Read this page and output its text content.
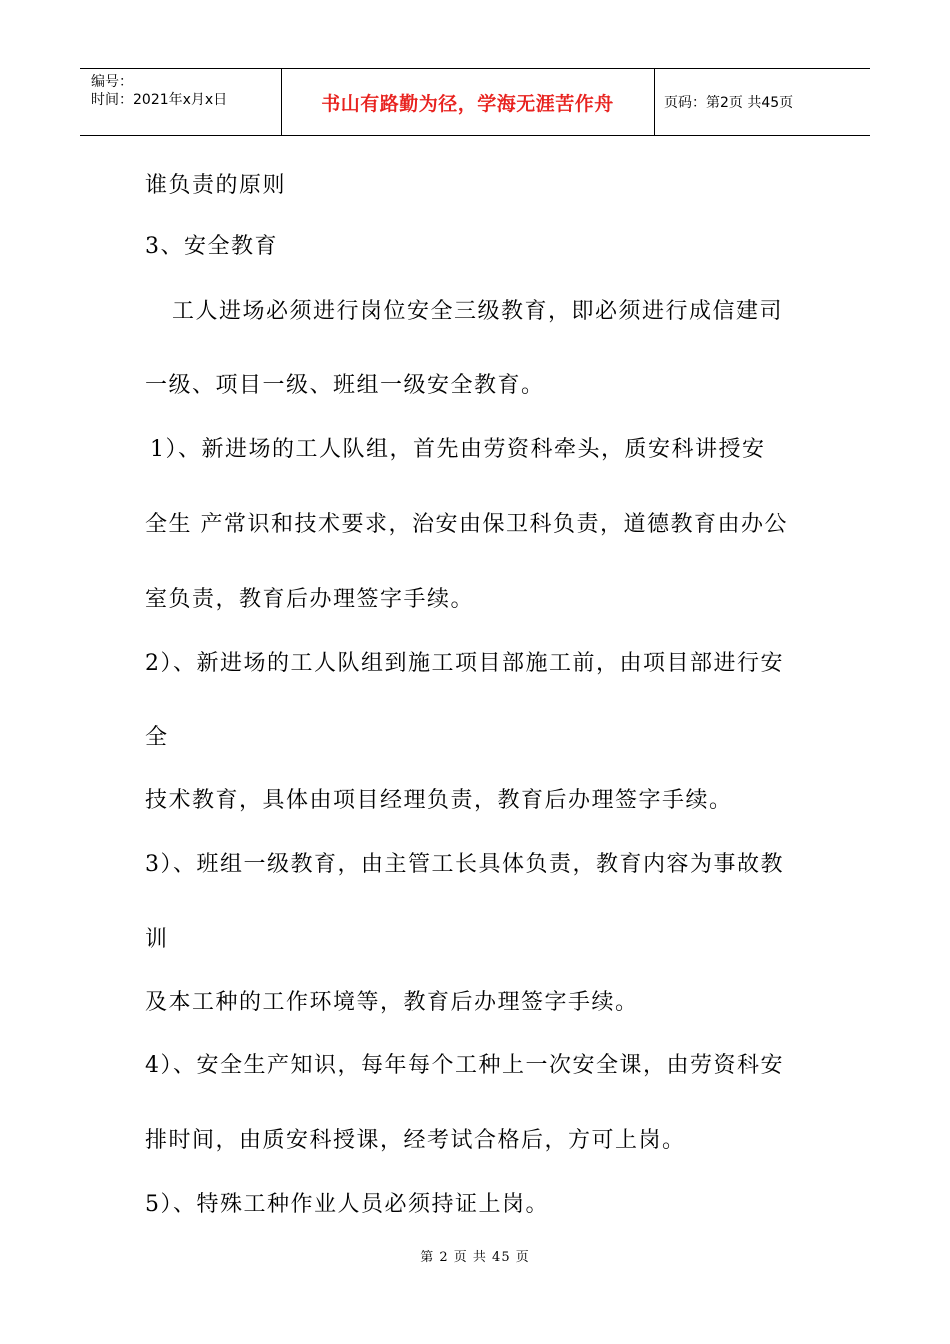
编号：
时间：2021年x月x日	书山有路勤为径，学海无涯苦作舟	页码：第2页 共45页
谁负责的原则
3、安全教育
工人进场必须进行岗位安全三级教育，即必须进行成信建司
一级、项目一级、班组一级安全教育。
1）、新进场的工人队组，首先由劳资科牵头，质安科讲授安
全生 产常识和技术要求，治安由保卫科负责，道德教育由办公
室负责，教育后办理签字手续。
2）、新进场的工人队组到施工项目部施工前，由项目部进行安
全
技术教育，具体由项目经理负责，教育后办理签字手续。
3）、班组一级教育，由主管工长具体负责，教育内容为事故教
训
及本工种的工作环境等，教育后办理签字手续。
4）、安全生产知识，每年每个工种上一次安全课，由劳资科安
排时间，由质安科授课，经考试合格后，方可上岗。
5）、特殊工种作业人员必须持证上岗。
第 2 页 共 45 页
